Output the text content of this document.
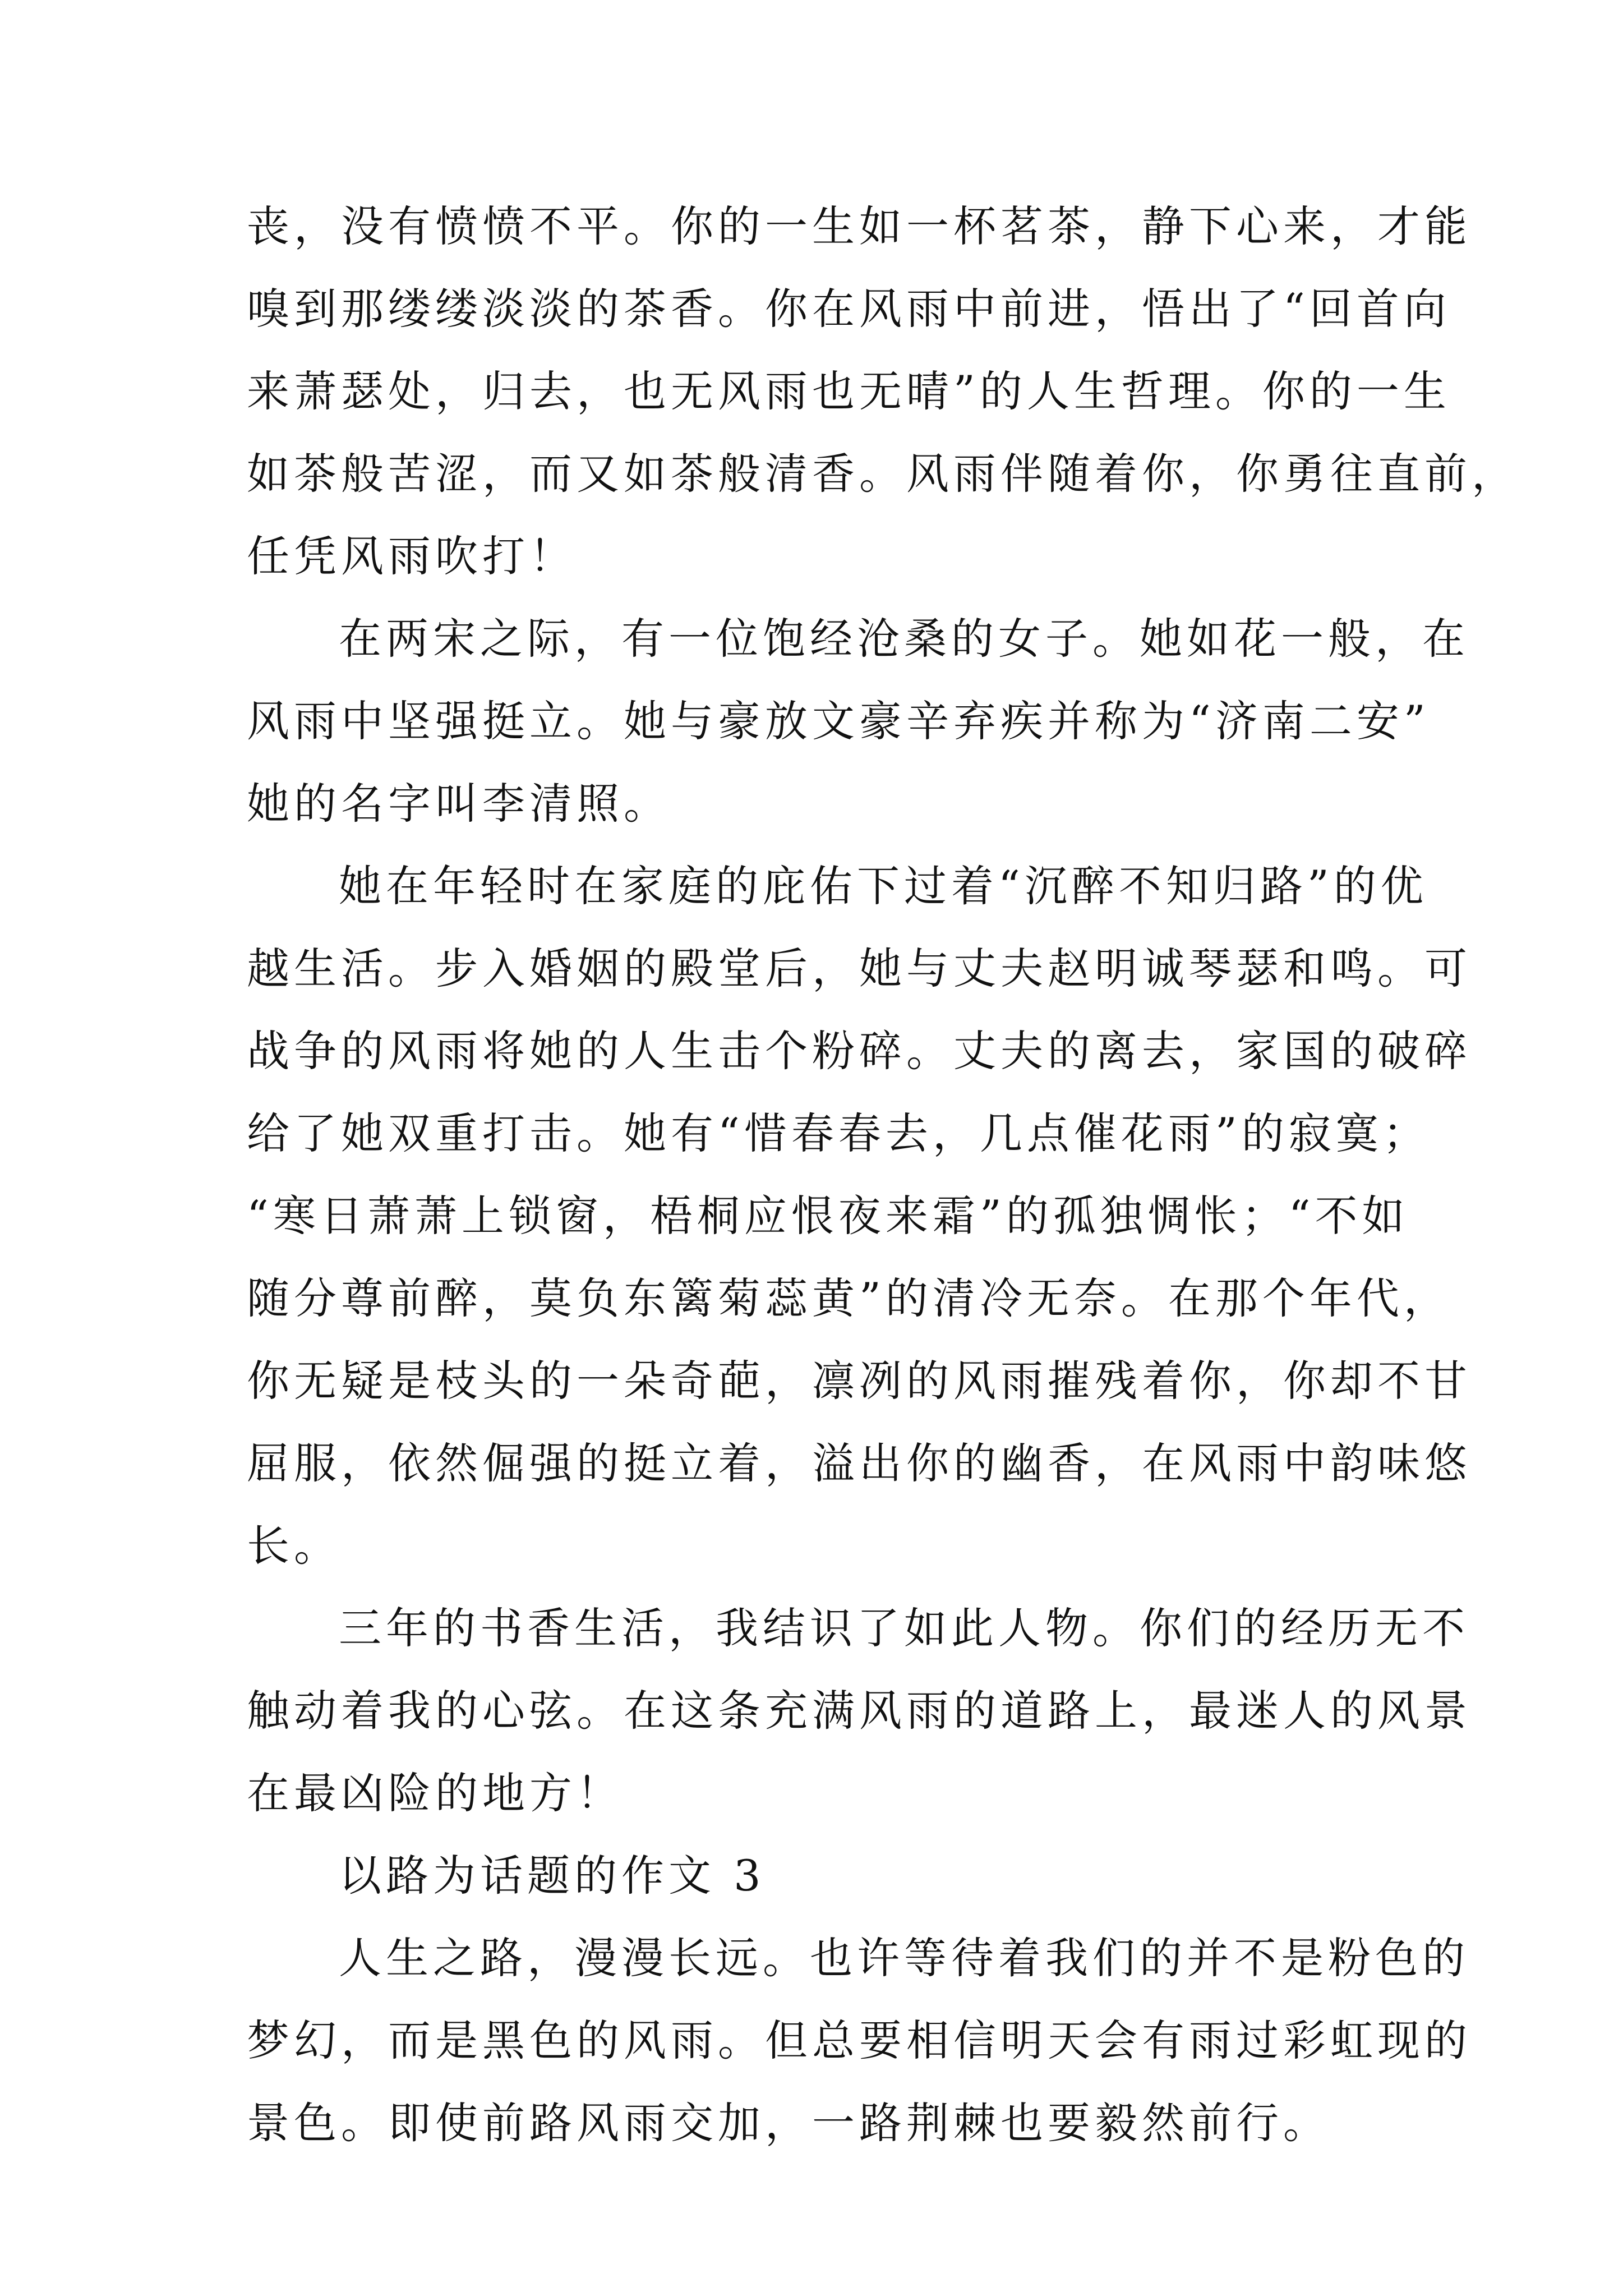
丧，没有愤愤不平。你的一生如一杯茗茶，静下心来，才能
嗅到那缕缕淡淡的茶香。你在风雨中前进，悟出了“回首向
来萧瑟处，归去，也无风雨也无晴”的人生哲理。你的一生
如茶般苦涩，而又如茶般清香。风雨伴随着你，你勇往直前，
任凭风雨吹打！
在两宋之际，有一位饱经沧桑的女子。她如花一般，在
风雨中坚强挺立。她与豪放文豪辛弃疾并称为“济南二安”
她的名字叫李清照。
她在年轻时在家庭的庇佑下过着“沉醉不知归路”的优
越生活。步入婚姻的殿堂后，她与丈夫赵明诚琴瑟和鸣。可
战争的风雨将她的人生击个粉碎。丈夫的离去，家国的破碎
给了她双重打击。她有“惜春春去，几点催花雨”的寂寞；
“寒日萧萧上锁窗，梧桐应恨夜来霜”的孤独惆怅；“不如
随分尊前醉，莫负东篱菊蕊黄”的清冷无奈。在那个年代，
你无疑是枝头的一朵奇葩，凛冽的风雨摧残着你，你却不甘
屈服，依然倔强的挺立着，溢出你的幽香，在风雨中韵味悠
长。
三年的书香生活，我结识了如此人物。你们的经历无不
触动着我的心弦。在这条充满风雨的道路上，最迷人的风景
在最凶险的地方！
以路为话题的作文 3
人生之路，漫漫长远。也许等待着我们的并不是粉色的
梦幻，而是黑色的风雨。但总要相信明天会有雨过彩虹现的
景色。即使前路风雨交加，一路荆棘也要毅然前行。
